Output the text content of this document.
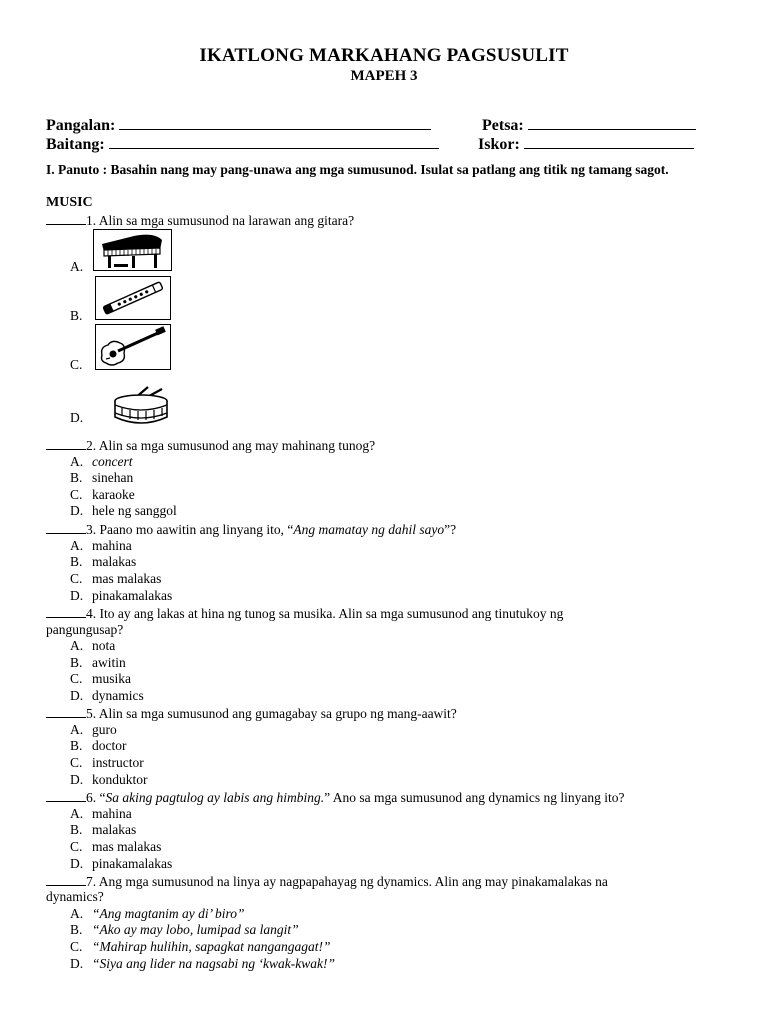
IKATLONG MARKAHANG PAGSUSULIT
MAPEH 3
Pangalan:	Petsa:
Baitang:	Iskor:
I. Panuto : Basahin nang may pang-unawa ang mga sumusunod. Isulat sa patlang ang titik ng tamang sagot.
MUSIC
1. Alin sa mga sumusunod na larawan ang gitara?
A.
B.
C.
D.
2. Alin sa mga sumusunod ang may mahinang tunog?
A. concert
B. sinehan
C. karaoke
D. hele ng sanggol
3. Paano mo aawitin ang linyang ito, “Ang mamatay ng dahil sayo”?
A. mahina
B. malakas
C. mas malakas
D. pinakamalakas
4. Ito ay ang lakas at hina ng tunog sa musika. Alin sa mga sumusunod ang tinutukoy ng
pangungusap?
A. nota
B. awitin
C. musika
D. dynamics
5. Alin sa mga sumusunod ang gumagabay sa grupo ng mang-aawit?
A. guro
B. doctor
C. instructor
D. konduktor
6. “Sa aking pagtulog ay labis ang himbing.” Ano sa mga sumusunod ang dynamics ng linyang ito?
A. mahina
B. malakas
C. mas malakas
D. pinakamalakas
7. Ang mga sumusunod na linya ay nagpapahayag ng dynamics. Alin ang may pinakamalakas na
dynamics?
A. “Ang magtanim ay di’ biro”
B. “Ako ay may lobo, lumipad sa langit”
C. “Mahirap hulihin, sapagkat nangangagat!”
D. “Siya ang lider na nagsabi ng ‘kwak-kwak!”
